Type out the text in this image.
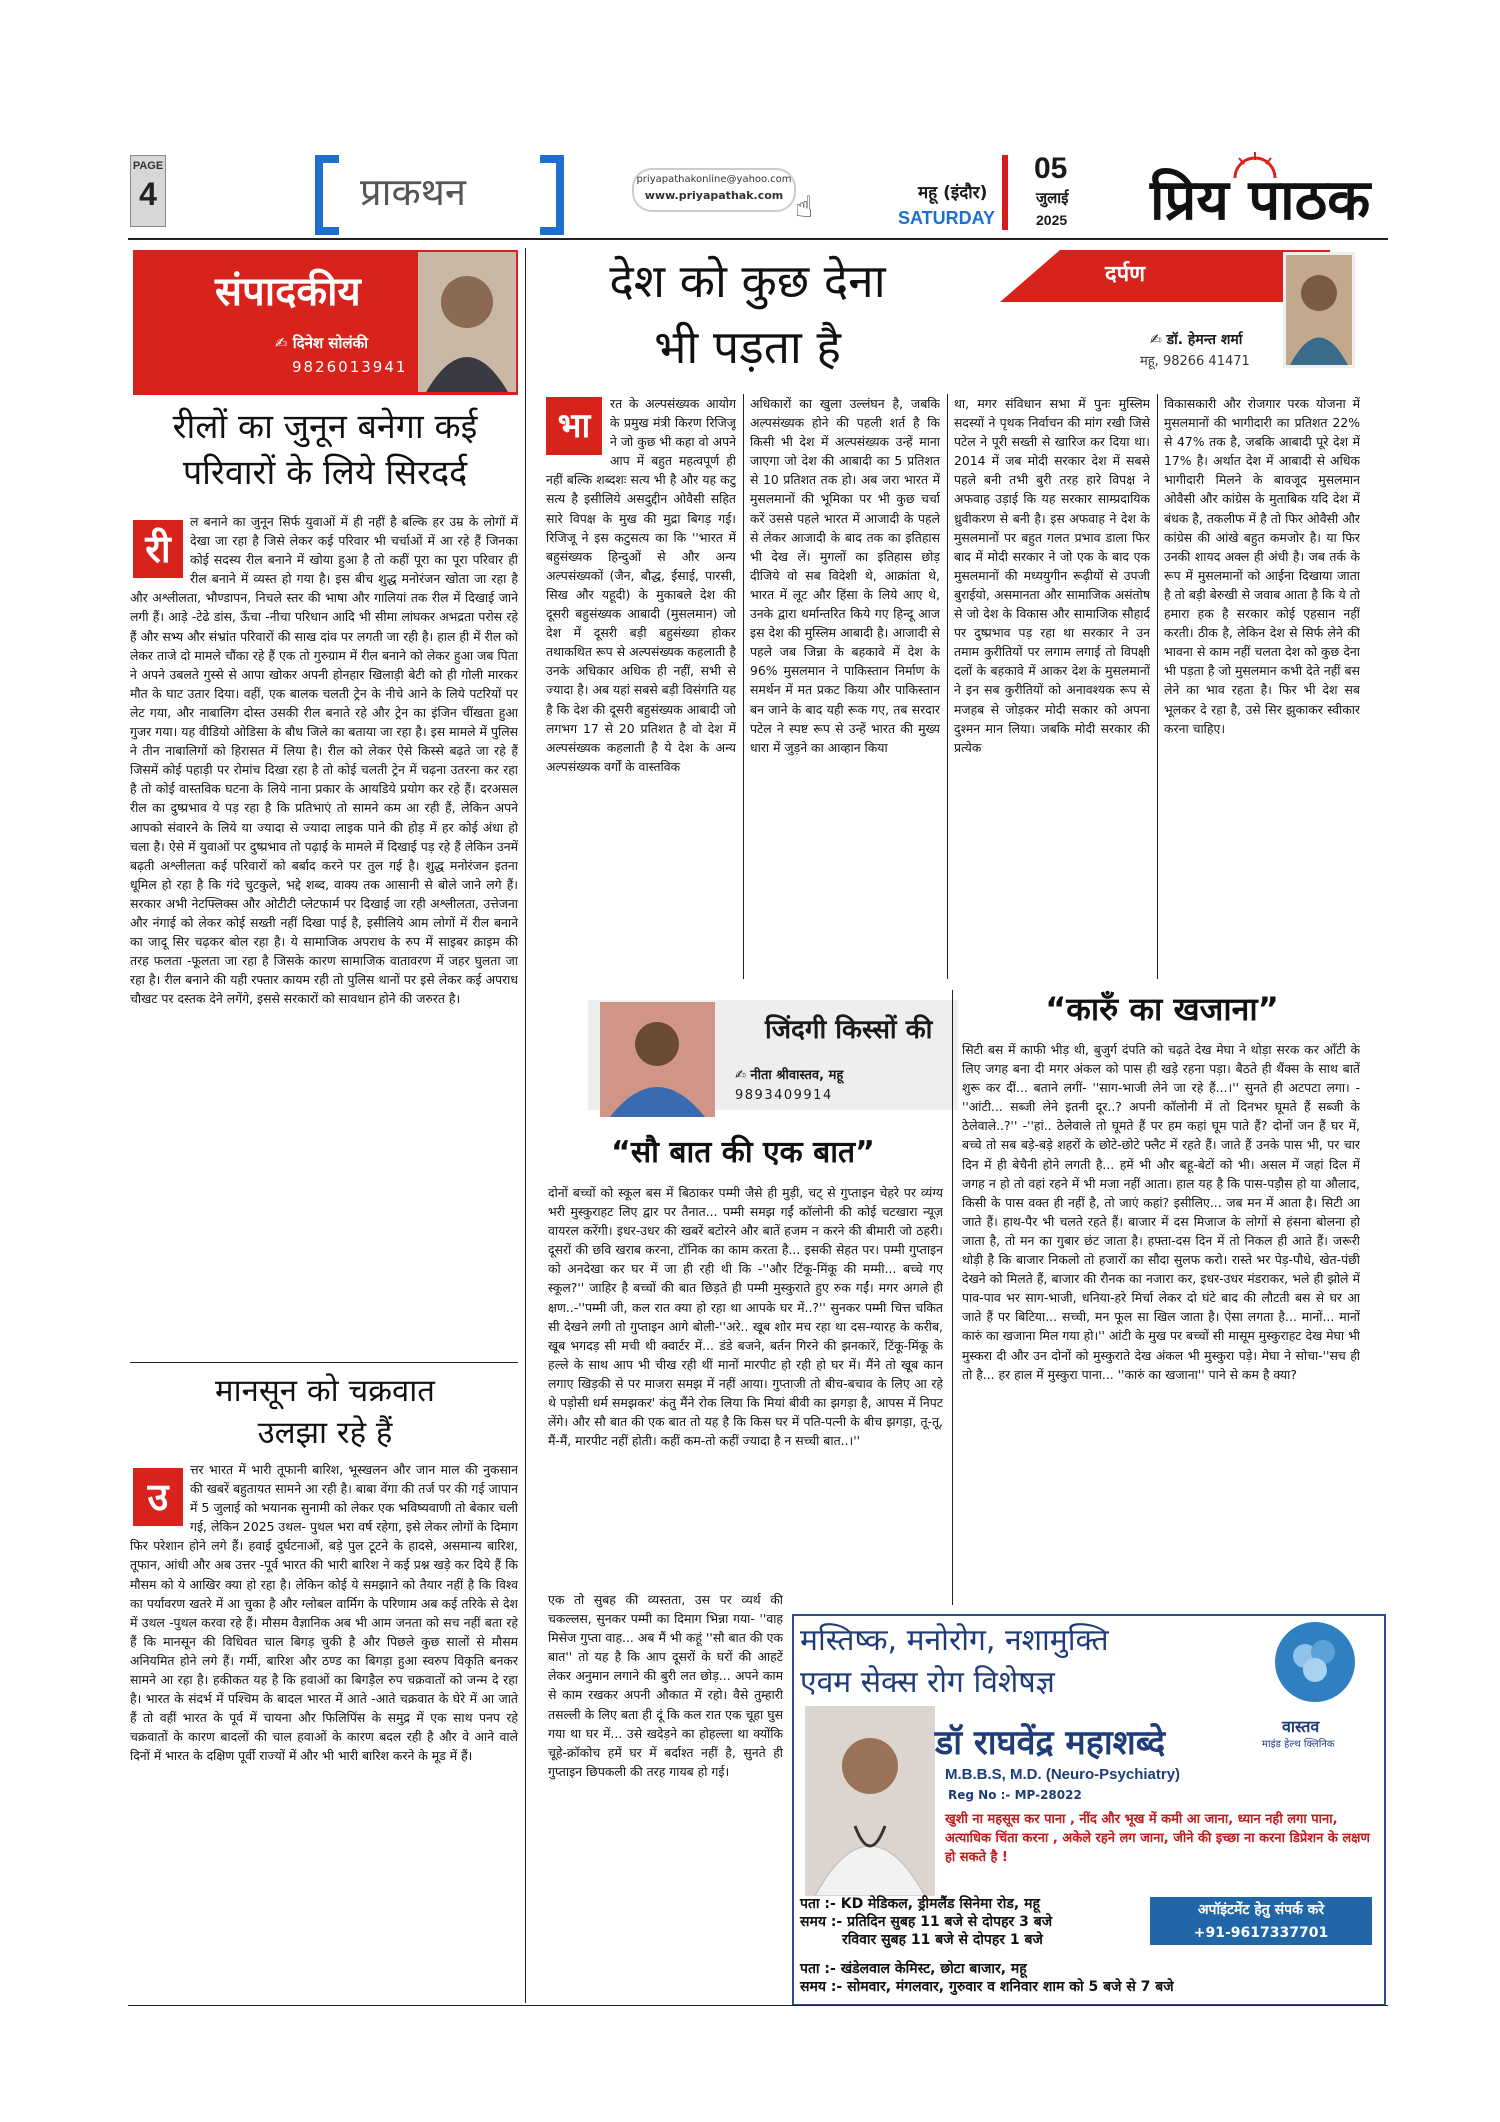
PAGE
4	प्राकथन	priyapathakonline@yahoo.com
www.priyapathak.com ☝	महू (इंदौर)
SATURDAY
05
जुलाई
2025 प्रिय पाठक
संपादकीय
✍ दिनेश सोलंकी
9826013941
रीलों का जुनून बनेगा कई
परिवारों के लिये सिरदर्द
री

ल बनाने का जुनून सिर्फ युवाओं में ही नहीं है बल्कि हर उम्र के लोगों में देखा जा रहा है जिसे लेकर कई परिवार भी चर्चाओं में आ रहे हैं जिनका कोई सदस्य रील बनाने में खोया हुआ है तो कहीं पूरा का पूरा परिवार ही रील बनाने में व्यस्त हो गया है। इस बीच शुद्ध मनोरंजन खोता जा रहा है और अश्लीलता, भौण्डापन, निचले स्तर की भाषा और गालियां तक रील में दिखाई जाने लगी हैं। आड़े -टेढे डांस, ऊँचा -नीचा परिधान आदि भी सीमा लांघकर अभद्रता परोस रहे हैं और सभ्य और संभ्रांत परिवारों की साख दांव पर लगती जा रही है। हाल ही में रील को लेकर ताजे दो मामले चौंका रहे हैं एक तो गुरुग्राम में रील बनाने को लेकर हुआ जब पिता ने अपने उबलते गुस्से से आपा खोकर अपनी होनहार खिलाड़ी बेटी को ही गोली मारकर मौत के घाट उतार दिया। वहीं, एक बालक चलती ट्रेन के नीचे आने के लिये पटरियों पर लेट गया, और नाबालिग दोस्त उसकी रील बनाते रहे और ट्रेन का इंजिन चींखता हुआ गुजर गया। यह वीडियो ओडिसा के बौध जिले का बताया जा रहा है। इस मामले में पुलिस ने तीन नाबालिगों को हिरासत में लिया है। रील को लेकर ऐसे किस्से बढ़ते जा रहे हैं जिसमें कोई पहाड़ी पर रोमांच दिखा रहा है तो कोई चलती ट्रेन में चढ़ना उतरना कर रहा है तो कोई वास्तविक घटना के लिये नाना प्रकार के आयडिये प्रयोग कर रहे हैं। दरअसल रील का दुष्प्रभाव ये पड़ रहा है कि प्रतिभाएं तो सामने कम आ रही हैं, लेकिन अपने आपको संवारने के लिये या ज्यादा से ज्यादा लाइक पाने की होड़ में हर कोई अंधा हो चला है। ऐसे में युवाओं पर दुष्प्रभाव तो पढ़ाई के मामले में दिखाई पड़ रहे हैं लेकिन उनमें बढ़ती अश्लीलता कई परिवारों को बर्बाद करने पर तुल गई है। शुद्ध मनोरंजन इतना धूमिल हो रहा है कि गंदे चुटकुले, भद्दे शब्द, वाक्य तक आसानी से बोले जाने लगे हैं। सरकार अभी नेटफ्लिक्स और ओटीटी प्लेटफार्म पर दिखाई जा रही अश्लीलता, उत्तेजना और नंगाई को लेकर कोई सख्ती नहीं दिखा पाई है, इसीलिये आम लोगों में रील बनाने का जादू सिर चढ़कर बोल रहा है। ये सामाजिक अपराध के रुप में साइबर क्राइम की तरह फलता -फूलता जा रहा है जिसके कारण सामाजिक वातावरण में जहर घुलता जा रहा है। रील बनाने की यही रफ्तार कायम रही तो पुलिस थानों पर इसे लेकर कई अपराध चौखट पर दस्तक देने लगेंगे, इससे सरकारों को सावधान होने की जरुरत है।

मानसून को चक्रवात
उलझा रहे हैं
उ

त्तर भारत में भारी तूफानी बारिश, भूस्खलन और जान माल की नुकसान की खबरें बहुतायत सामने आ रही है। बाबा वेंगा की तर्ज पर की गई जापान में 5 जुलाई को भयानक सुनामी को लेकर एक भविष्यवाणी तो बेकार चली गई, लेकिन 2025 उथल- पुथल भरा वर्ष रहेगा, इसे लेकर लोगों के दिमाग फिर परेशान होने लगे हैं। हवाई दुर्घटनाओं, बड़े पुल टूटने के हादसे, असमान्य बारिश, तूफान, आंधी और अब उत्तर -पूर्व भारत की भारी बारिश ने कई प्रश्न खड़े कर दिये हैं कि मौसम को ये आखिर क्या हो रहा है। लेकिन कोई ये समझाने को तैयार नहीं है कि विश्व का पर्यावरण खतरे में आ चुका है और ग्लोबल वार्मिग के परिणाम अब कई तरिके से देश में उथल -पुथल करवा रहे हैं। मौसम वैज्ञानिक अब भी आम जनता को सच नहीं बता रहे हैं कि मानसून की विधिवत चाल बिगड़ चुकी है और पिछले कुछ सालों से मौसम अनियमित होने लगे हैं। गर्मी, बारिश और ठण्ड का बिगड़ा हुआ स्वरुप विकृति बनकर सामने आ रहा है। हकीकत यह है कि हवाओं का बिगड़ैल रुप चक्रवातों को जन्म दे रहा है। भारत के संदर्भ में पश्चिम के बादल भारत में आते -आते चक्रवात के घेरे में आ जाते हैं तो वहीं भारत के पूर्व में चायना और फिलिपिंस के समुद्र में एक साथ पनप रहे चक्रवातों के कारण बादलों की चाल हवाओं के कारण बदल रही है और वे आने वाले दिनों में भारत के दक्षिण पूर्वी राज्यों में और भी भारी बारिश करने के मूड में हैं।

देश को कुछ देना
भी पड़ता है
दर्पण
✍ डॉ. हेमन्त शर्मा
महू, 98266 41471
भा

रत के अल्पसंख्यक आयोग के प्रमुख मंत्री किरण रिजिजू ने जो कुछ भी कहा वो अपने आप में बहुत महत्वपूर्ण ही नहीं बल्कि शब्दशः सत्य भी है और यह कटु सत्य है इसीलिये असदुद्दीन ओवैसी सहित सारे विपक्ष के मुख की मुद्रा बिगड़ गई। रिजिजू ने इस कटुसत्य का कि ''भारत में बहुसंख्यक हिन्दुओं से और अन्य अल्पसंख्यकों (जैन, बौद्ध, ईसाई, पारसी, सिख और यहूदी) के मुकाबले देश की दूसरी बहुसंख्यक आबादी (मुसलमान) जो देश में दूसरी बड़ी बहुसंख्या होकर तथाकथित रूप से अल्पसंख्यक कहलाती है उनके अधिकार अधिक ही नहीं, सभी से ज्यादा है। अब यहां सबसे बड़ी विसंगति यह है कि देश की दूसरी बहुसंख्यक आबादी जो लगभग 17 से 20 प्रतिशत है वो देश में अल्पसंख्यक कहलाती है ये देश के अन्य अल्पसंख्यक वर्गों के वास्तविक

अधिकारों का खुला उल्लंघन है, जबकि अल्पसंख्यक होने की पहली शर्त है कि किसी भी देश में अल्पसंख्यक उन्हें माना जाएगा जो देश की आबादी का 5 प्रतिशत से 10 प्रतिशत तक हो। अब जरा भारत में मुसलमानों की भूमिका पर भी कुछ चर्चा करें उससे पहले भारत में आजादी के पहले से लेकर आजादी के बाद तक का इतिहास भी देख लें। मुगलों का इतिहास छोड़ दीजिये वो सब विदेशी थे, आक्रांता थे, भारत में लूट और हिंसा के लिये आए थे, उनके द्वारा धर्मान्तरित किये गए हिन्दू आज इस देश की मुस्लिम आबादी है। आजादी से पहले जब जिन्ना के बहकावे में देश के 96% मुसलमान ने पाकिस्तान निर्माण के समर्थन में मत प्रकट किया और पाकिस्तान बन जाने के बाद यही रूक गए, तब सरदार पटेल ने स्पष्ट रूप से उन्हें भारत की मुख्य धारा में जुड़ने का आव्हान किया

था, मगर संविधान सभा में पुनः मुस्लिम सदस्यों ने पृथक निर्वाचन की मांग रखी जिसे पटेल ने पूरी सख्ती से खारिज कर दिया था। 2014 में जब मोदी सरकार देश में सबसे पहले बनी तभी बुरी तरह हारे विपक्ष ने अफवाह उड़ाई कि यह सरकार साम्प्रदायिक ध्रुवीकरण से बनी है। इस अफवाह ने देश के मुसलमानों पर बहुत गलत प्रभाव डाला फिर बाद में मोदी सरकार ने जो एक के बाद एक मुसलमानों की मध्ययुगीन रूढ़ीयों से उपजी बुराईयो, असमानता और सामाजिक असंतोष से जो देश के विकास और सामाजिक सौहार्द पर दुष्प्रभाव पड़ रहा था सरकार ने उन तमाम कुरीतियों पर लगाम लगाई तो विपक्षी दलों के बहकावे में आकर देश के मुसलमानों ने इन सब कुरीतियों को अनावश्यक रूप से मजहब से जोड़कर मोदी सकार को अपना दुश्मन मान लिया। जबकि मोदी सरकार की प्रत्येक

विकासकारी और रोजगार परक योजना में मुसलमानों की भागीदारी का प्रतिशत 22% से 47% तक है, जबकि आबादी पूरे देश में 17% है। अर्थात देश में आबादी से अधिक भागीदारी मिलने के बावजूद मुसलमान ओवैसी और कांग्रेस के मुताबिक यदि देश में बंधक है, तकलीफ में है तो फिर ओवैसी और कांग्रेस की आंखे बहुत कमजोर है। या फिर उनकी शायद अक्ल ही अंधी है। जब तर्क के रूप में मुसलमानों को आईना दिखाया जाता है तो बड़ी बेरुखी से जवाब आता है कि ये तो हमारा हक है सरकार कोई एहसान नहीं करती। ठीक है, लेकिन देश से सिर्फ लेने की भावना से काम नहीं चलता देश को कुछ देना भी पड़ता है जो मुसलमान कभी देते नहीं बस लेने का भाव रहता है। फिर भी देश सब भूलकर दे रहा है, उसे सिर झुकाकर स्वीकार करना चाहिए।

जिंदगी किस्सों की
✍ नीता श्रीवास्तव, महू
9893409914
“सौ बात की एक बात”

दोनों बच्चों को स्कूल बस में बिठाकर पम्मी जैसे ही मुड़ी, चट् से गुप्ताइन चेहरे पर व्यंग्य भरी मुस्कुराहट लिए द्वार पर तैनात... पम्मी समझ गईं कॉलोनी की कोई चटखारा न्यूज़ वायरल करेंगी। इधर-उधर की खबरें बटोरने और बातें हजम न करने की बीमारी जो ठहरी। दूसरों की छवि खराब करना, टॉनिक का काम करता है... इसकी सेहत पर। पम्मी गुप्ताइन को अनदेखा कर घर में जा ही रही थी कि -''और टिंकू-मिंकू की मम्मी... बच्चे गए स्कूल?'' जाहिर है बच्चों की बात छिड़ते ही पम्मी मुस्कुराते हुए रुक गईं। मगर अगले ही क्षण..-''पम्मी जी, कल रात क्या हो रहा था आपके घर में..?'' सुनकर पम्मी चित्त चकित सी देखने लगी तो गुप्ताइन आगे बोली-''अरे.. खूब शोर मच रहा था दस-ग्यारह के करीब, खूब भगदड़ सी मची थी क्वार्टर में... डंडे बजने, बर्तन गिरने की झनकारें, टिंकू-मिंकू के हल्ले के साथ आप भी चीख रही थीं मानों मारपीट हो रही हो घर में। मैंने तो खूब कान लगाए खिड़की से पर माजरा समझ में नहीं आया। गुप्ताजी तो बीच-बचाव के लिए आ रहे थे पड़ोसी धर्म समझकर' कंतु मैंने रोक लिया कि मियां बीवी का झगड़ा है, आपस में निपट लेंगे। और सौ बात की एक बात तो यह है कि किस घर में पति-पत्नी के बीच झगड़ा, तू-तू, मैं-मैं, मारपीट नहीं होती। कहीं कम-तो कहीं ज्यादा है न सच्ची बात..।''

एक तो सुबह की व्यस्तता, उस पर व्यर्थ की चकल्लस, सुनकर पम्मी का दिमाग भिन्ना गया- ''वाह मिसेज गुप्ता वाह... अब मैं भी कहूं ''सौ बात की एक बात'' तो यह है कि आप दूसरों के घरों की आहटें लेकर अनुमान लगाने की बुरी लत छोड़... अपने काम से काम रखकर अपनी औकात में रहो। वैसे तुम्हारी तसल्ली के लिए बता ही दूं कि कल रात एक चूहा घुस गया था घर में... उसे खदेड़ने का होहल्ला था क्योंकि चूहे-क्रॉकोच हमें घर में बर्दाश्त नहीं है, सुनते ही गुप्ताइन छिपकली की तरह गायब हो गई।

“कारुँ का खजाना”

सिटी बस में काफी भीड़ थी, बुजुर्ग दंपति को चढ़ते देख मेघा ने थोड़ा सरक कर आँटी के लिए जगह बना दी मगर अंकल को पास ही खड़े रहना पड़ा। बैठते ही थैंक्स के साथ बातें शुरू कर दीं... बताने लगीं- ''साग-भाजी लेने जा रहे हैं...।'' सुनते ही अटपटा लगा। -''आंटी... सब्जी लेने इतनी दूर..? अपनी कॉलोनी में तो दिनभर घूमते हैं सब्जी के ठेलेवाले..?'' -''हां.. ठेलेवाले तो घूमते हैं पर हम कहां घूम पाते हैं? दोनों जन हैं घर में, बच्चे तो सब बड़े-बड़े शहरों के छोटे-छोटे फ्लैट में रहते हैं। जाते हैं उनके पास भी, पर चार दिन में ही बेचैनी होने लगती है... हमें भी और बहू-बेटों को भी। असल में जहां दिल में जगह न हो तो वहां रहने में भी मजा नहीं आता। हाल यह है कि पास-पड़ौस हो या औलाद, किसी के पास वक्त ही नहीं है, तो जाएं कहां? इसीलिए... जब मन में आता है। सिटी आ जाते हैं। हाथ-पैर भी चलते रहते हैं। बाजार में दस मिजाज के लोगों से हंसना बोलना हो जाता है, तो मन का गुबार छंट जाता है। हफ्ता-दस दिन में तो निकल ही आते हैं। जरूरी थोड़ी है कि बाजार निकलो तो हजारों का सौदा सुलफ करो। रास्ते भर पेड़-पौधे, खेत-पंछी देखने को मिलते हैं, बाजार की रौनक का नजारा कर, इधर-उधर मंडराकर, भले ही झोले में पाव-पाव भर साग-भाजी, धनिया-हरे मिर्चा लेकर दो घंटे बाद की लौटती बस से घर आ जाते हैं पर बिटिया... सच्ची, मन फूल सा खिल जाता है। ऐसा लगता है... मानों... मानों कारुं का खजाना मिल गया हो।'' आंटी के मुख पर बच्चों सी मासूम मुस्कुराहट देख मेघा भी मुस्करा दी और उन दोनों को मुस्कुराते देख अंकल भी मुस्कुरा पड़े। मेघा ने सोचा-''सच ही तो है... हर हाल में मुस्कुरा पाना... ''कारुं का खजाना'' पाने से कम है क्या?

मस्तिष्क, मनोरोग, नशामुक्ति
एवम सेक्स रोग विशेषज्ञ
वास्तव
माइंड हेल्थ क्लिनिक
डॉ राघवेंद्र महाशब्दे
M.B.B.S, M.D. (Neuro-Psychiatry)
Reg No :- MP-28022
खुशी ना महसूस कर पाना , नींद और भूख में कमी आ जाना, ध्यान नही लगा पाना, अत्याधिक चिंता करना , अकेले रहने लग जाना, जीने की इच्छा ना करना डिप्रेशन के लक्षण हो सकते है !
पता :- KD मेडिकल, ड्रीमलैंड सिनेमा रोड, महू
समय :- प्रतिदिन सुबह 11 बजे से दोपहर 3 बजे
रविवार सुबह 11 बजे से दोपहर 1 बजे
अपॉइंटमेंट हेतु संपर्क करे
+91-9617337701
पता :- खंडेलवाल केमिस्ट, छोटा बाजार, महू
समय :- सोमवार, मंगलवार, गुरुवार व शनिवार शाम को 5 बजे से 7 बजे
